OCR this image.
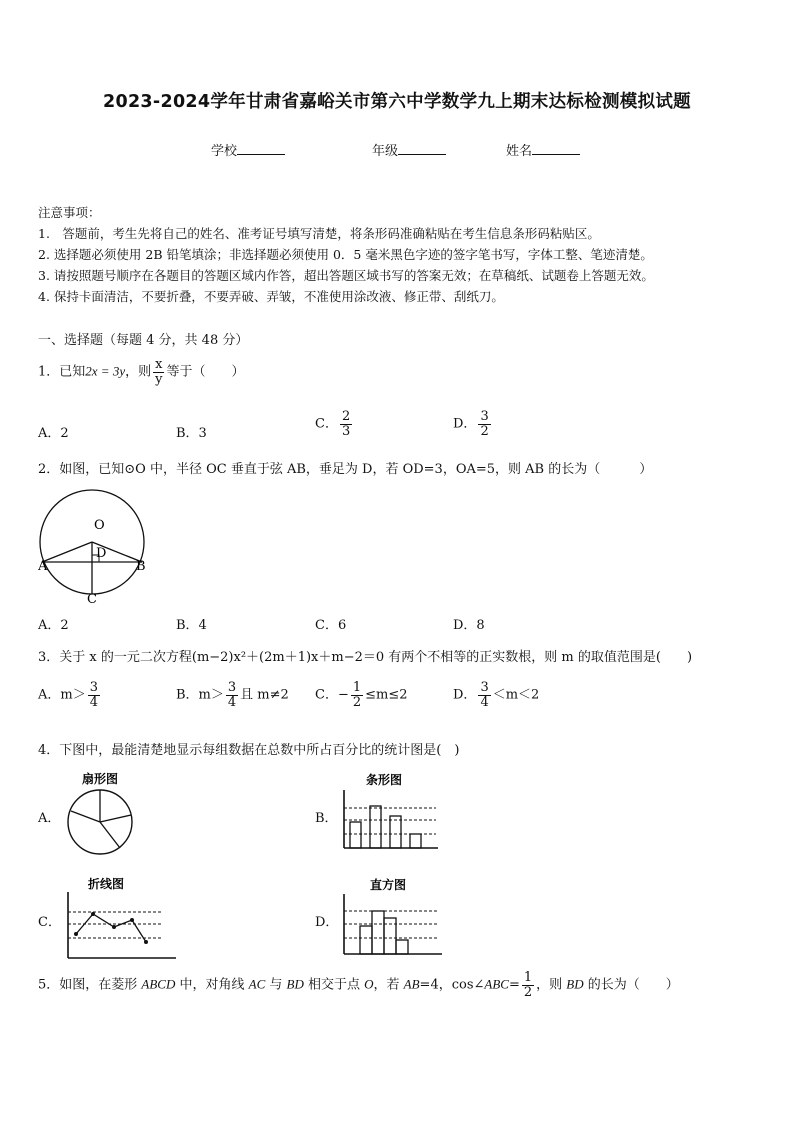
2023-2024学年甘肃省嘉峪关市第六中学数学九上期末达标检测模拟试题
学校	年级	姓名
注意事项：
1.　答题前，考生先将自己的姓名、准考证号填写清楚，将条形码准确粘贴在考生信息条形码粘贴区。
2. 选择题必须使用 2B 铅笔填涂；非选择题必须使用 0．5 毫米黑色字迹的签字笔书写，字体工整、笔迹清楚。
3. 请按照题号顺序在各题目的答题区域内作答，超出答题区域书写的答案无效；在草稿纸、试题卷上答题无效。
4. 保持卡面清洁，不要折叠，不要弄破、弄皱，不准使用涂改液、修正带、刮纸刀。
一、选择题（每题 4 分，共 48 分）
1．已知2x = 3y，则 $\frac{x}{y}$ 等于（　　）
A．2	B．3
C． $\frac{2}{3}$	D． $\frac{3}{2}$
2．如图，已知⊙O 中，半径 OC 垂直于弦 AB，垂足为 D，若 OD=3，OA=5，则 AB 的长为（　　　）
O
D
A	B
C
A．2	B．4	C．6	D．8
3．关于 x 的一元二次方程(m−2)x²＋(2m＋1)x＋m−2＝0 有两个不相等的正实数根，则 m 的取值范围是(　　)
A．$m> \frac{3}{4}$	B．$m> \frac{3}{4}$ 且 m≠2 C．− $\frac{1}{2} \le m\le 2$	D． $\frac{3}{4} <m<2$
4．下图中，最能清楚地显示每组数据在总数中所占百分比的统计图是(　)
A．
扇形图
B．
条形图
C．
折线图
D．
直方图
5．如图，在菱形 ABCD 中，对角线 AC 与 BD 相交于点 O，若 AB=4，cos∠ABC= $\frac{1}{2}$ ，则 BD 的长为（　　）
